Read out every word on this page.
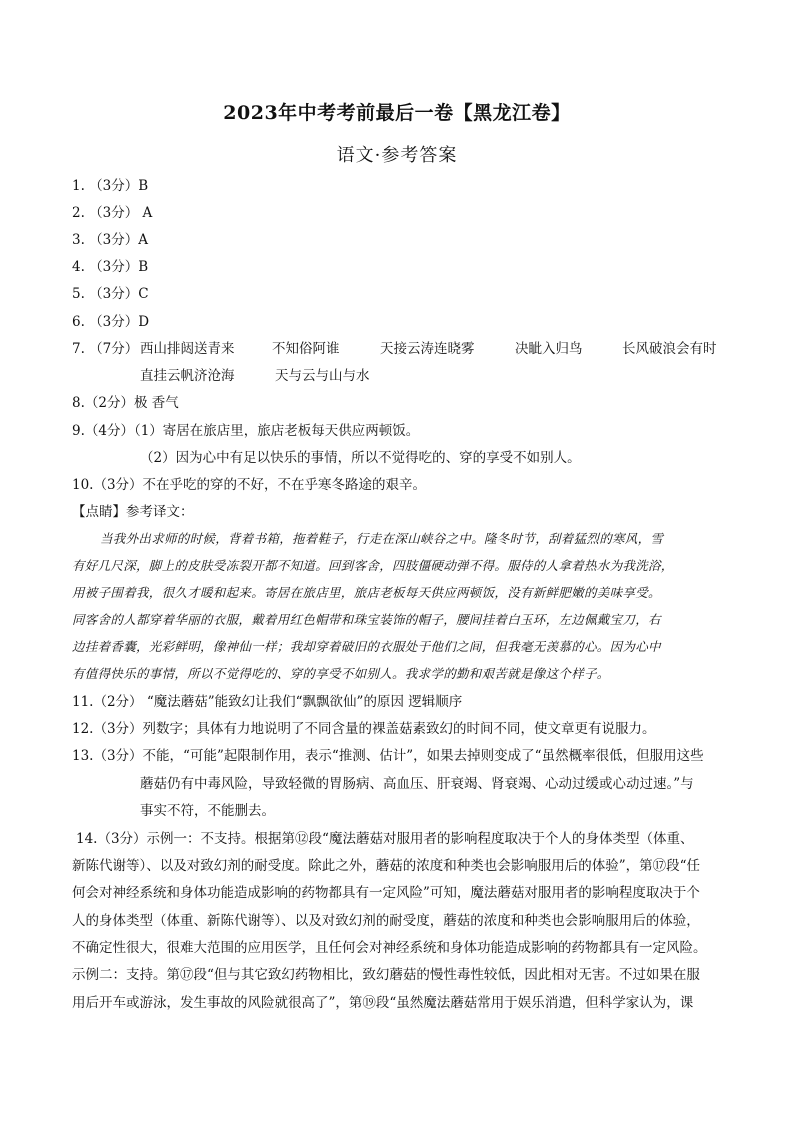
2023年中考考前最后一卷【黑龙江卷】
语文·参考答案
1. （3分）B
2. （3分） A
3. （3分）A
4. （3分）B
5. （3分）C
6. （3分）D
7. （7分） 西山排闼送青来	不知俗阿谁	天接云涛连晓雾	决眦入归鸟	长风破浪会有时
直挂云帆济沧海	天与云与山与水
8.（2分）极 香气
9.（4分）（1）寄居在旅店里，旅店老板每天供应两顿饭。
（2）因为心中有足以快乐的事情，所以不觉得吃的、穿的享受不如别人。
10.（3分）不在乎吃的穿的不好，不在乎寒冬路途的艰辛。
【点睛】参考译文：
当我外出求师的时候，背着书箱，拖着鞋子，行走在深山峡谷之中。隆冬时节，刮着猛烈的寒风，雪
有好几尺深，脚上的皮肤受冻裂开都不知道。回到客舍，四肢僵硬动弹不得。服侍的人拿着热水为我洗浴，
用被子围着我，很久才暖和起来。寄居在旅店里，旅店老板每天供应两顿饭，没有新鲜肥嫩的美味享受。
同客舍的人都穿着华丽的衣服，戴着用红色帽带和珠宝装饰的帽子，腰间挂着白玉环，左边佩戴宝刀，右
边挂着香囊，光彩鲜明，像神仙一样；我却穿着破旧的衣服处于他们之间，但我毫无羡慕的心。因为心中
有值得快乐的事情，所以不觉得吃的、穿的享受不如别人。我求学的勤和艰苦就是像这个样子。
11.（2分） “魔法蘑菇”能致幻让我们“飘飘欲仙”的原因 逻辑顺序
12.（3分）列数字；具体有力地说明了不同含量的裸盖菇素致幻的时间不同，使文章更有说服力。
13.（3分）不能，“可能”起限制作用，表示“推测、估计”，如果去掉则变成了“虽然概率很低，但服用这些
蘑菇仍有中毒风险，导致轻微的胃肠病、高血压、肝衰竭、肾衰竭、心动过缓或心动过速。”与
事实不符，不能删去。
14.（3分）示例一：不支持。根据第⑫段“魔法蘑菇对服用者的影响程度取决于个人的身体类型（体重、
新陈代谢等）、以及对致幻剂的耐受度。除此之外，蘑菇的浓度和种类也会影响服用后的体验”，第⑰段“任
何会对神经系统和身体功能造成影响的药物都具有一定风险”可知，魔法蘑菇对服用者的影响程度取决于个
人的身体类型（体重、新陈代谢等）、以及对致幻剂的耐受度，蘑菇的浓度和种类也会影响服用后的体验，
不确定性很大，很难大范围的应用医学，且任何会对神经系统和身体功能造成影响的药物都具有一定风险。
示例二：支持。第⑰段“但与其它致幻药物相比，致幻蘑菇的慢性毒性较低，因此相对无害。不过如果在服
用后开车或游泳，发生事故的风险就很高了”，第⑲段“虽然魔法蘑菇常用于娱乐消遣，但科学家认为，课
